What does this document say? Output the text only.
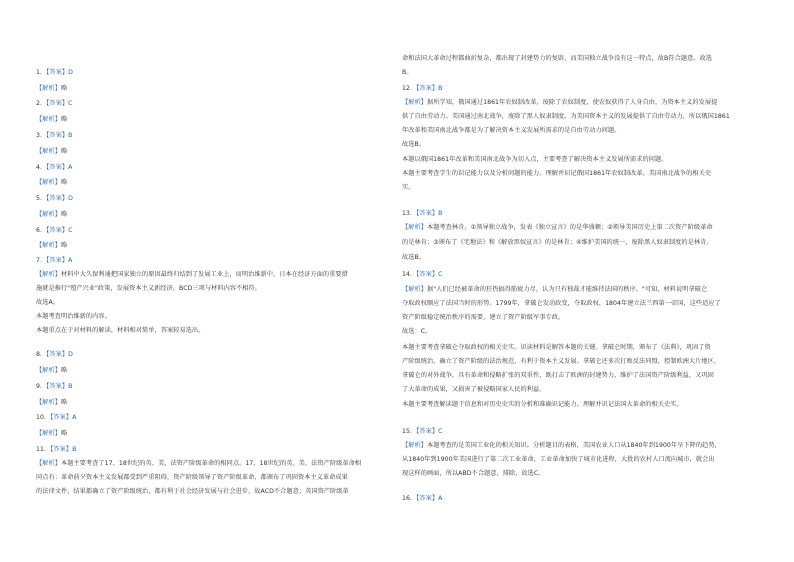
1．【答案】D
【解析】略
2．【答案】C
【解析】略
3．【答案】B
【解析】略
4．【答案】A
【解析】略
5．【答案】D
【解析】略
6．【答案】C
【解析】略
7．【答案】A
【解析】材料中大久保利通把国家独立的原因最终归结到了发展工业上，而明治维新中，日本在经济方面的重要措
施就是推行"殖产兴业"政策，发展资本主义新经济。BCD三项与材料内容不相符。
故选A。
本题考查明治维新的内容。
本题重点在于对材料的解读，材料相对简单，答案较易选出。
8．【答案】D
【解析】略
9．【答案】B
【解析】略
10．【答案】A
【解析】略
11．【答案】B
【解析】本题主要考查了17、18世纪的英、美、法资产阶级革命的相同点。17、18世纪的英、美、法资产阶级革命相
同点有：革命前夕资本主义发展都受到严重阻碍，资产阶级领导了资产阶级革命，都颁布了巩固资本主义革命成果
的法律文件，结果都确立了资产阶级统治，都有利于社会经济发展与社会进步，故ACD不合题意；英国资产阶级革
命和法国大革命过程都曲折复杂，都出现了封建势力的复辟，而美国独立战争没有这一特点，故B符合题意。故选
B。
12．【答案】B
【解析】据所学知，俄国通过1861年农奴制改革，废除了农奴制度，使农奴获得了人身自由，为资本主义的发展提
供了自由劳动力。美国通过南北战争，废除了黑人奴隶制度，为美国资本主义的发展提供了自由劳动力，所以俄国1861
年改革和美国南北战争都是为了解决资本主义发展所需求的是自由劳动力问题。
故选B。
本题以俄国1861年改革和美国南北战争为切入点，主要考查了解决资本主义发展所需求的问题。
本题主要考查学生的识记能力以及分析问题的能力。理解并识记俄国1861年农奴制改革、美国南北战争的相关史
实。
13．【答案】B
【解析】本题考查林肯。①领导独立战争，发表《独立宣言》的是华盛顿；②领导美国历史上第二次资产阶级革命
的是林肯；③颁布了《宅地法》和《解放黑奴宣言》的是林肯；④维护美国的统一，废除黑人奴隶制度的是林肯。
故选B。
14．【答案】C
【解析】据"人们已经被革命的狂热搞得筋疲力尽，认为只有独裁才能维持法国的秩序。"可知，材料说明拿破仑
夺取政权顺应了法国当时的形势。1799年，拿破仑发动政变，夺取政权，1804年建立法兰西第一帝国，这些适应了
资产阶级稳定统治秩序的需要，建立了资产阶级军事专政。
故选：C。
本题主要考查拿破仑夺取政权的相关史实。识读材料是解答本题的关键。拿破仑时期，颁布了《法典》，巩固了资
产阶级统治，确立了资产阶级的法治规范，有利于资本主义发展。拿破仑还多次打败反法同盟，控制欧洲大片地区，
拿破仑的对外战争，具有革命和侵略扩张的双重性，既打击了欧洲的封建势力，维护了法国资产阶级利益，又巩固
了大革命的成果，又损害了被侵略国家人民的利益。
本题主要考查解读题干信息和对历史史实的分析和准确识记能力。理解并识记法国大革命的相关史实。
15．【答案】C
【解析】本题考查的是美国工业化的相关知识。分析题目的表格，美国农业人口从1840年到1900年呈下降的趋势，
从1840年到1900年美国进行了第二次工业革命，工业革命加快了城市化进程，大批的农村人口流向城市，就会出
现这样的画面，所以ABD不合题意，排除，故选C。
16．【答案】A
